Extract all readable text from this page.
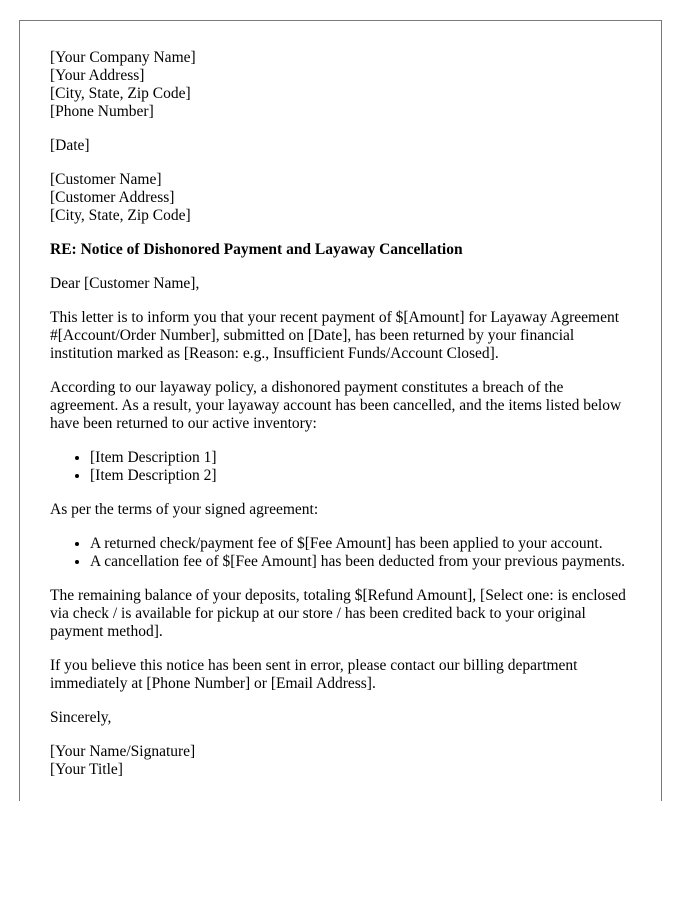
[Your Company Name]
[Your Address]
[City, State, Zip Code]
[Phone Number]

[Date]

[Customer Name]
[Customer Address]
[City, State, Zip Code]

RE: Notice of Dishonored Payment and Layaway Cancellation

Dear [Customer Name],

This letter is to inform you that your recent payment of $[Amount] for Layaway Agreement #[Account/Order Number], submitted on [Date], has been returned by your financial institution marked as [Reason: e.g., Insufficient Funds/Account Closed].

According to our layaway policy, a dishonored payment constitutes a breach of the agreement. As a result, your layaway account has been cancelled, and the items listed below have been returned to our active inventory:

• [Item Description 1]
• [Item Description 2]

As per the terms of your signed agreement:

• A returned check/payment fee of $[Fee Amount] has been applied to your account.
• A cancellation fee of $[Fee Amount] has been deducted from your previous payments.

The remaining balance of your deposits, totaling $[Refund Amount], [Select one: is enclosed via check / is available for pickup at our store / has been credited back to your original payment method].

If you believe this notice has been sent in error, please contact our billing department immediately at [Phone Number] or [Email Address].

Sincerely,

[Your Name/Signature]
[Your Title]
